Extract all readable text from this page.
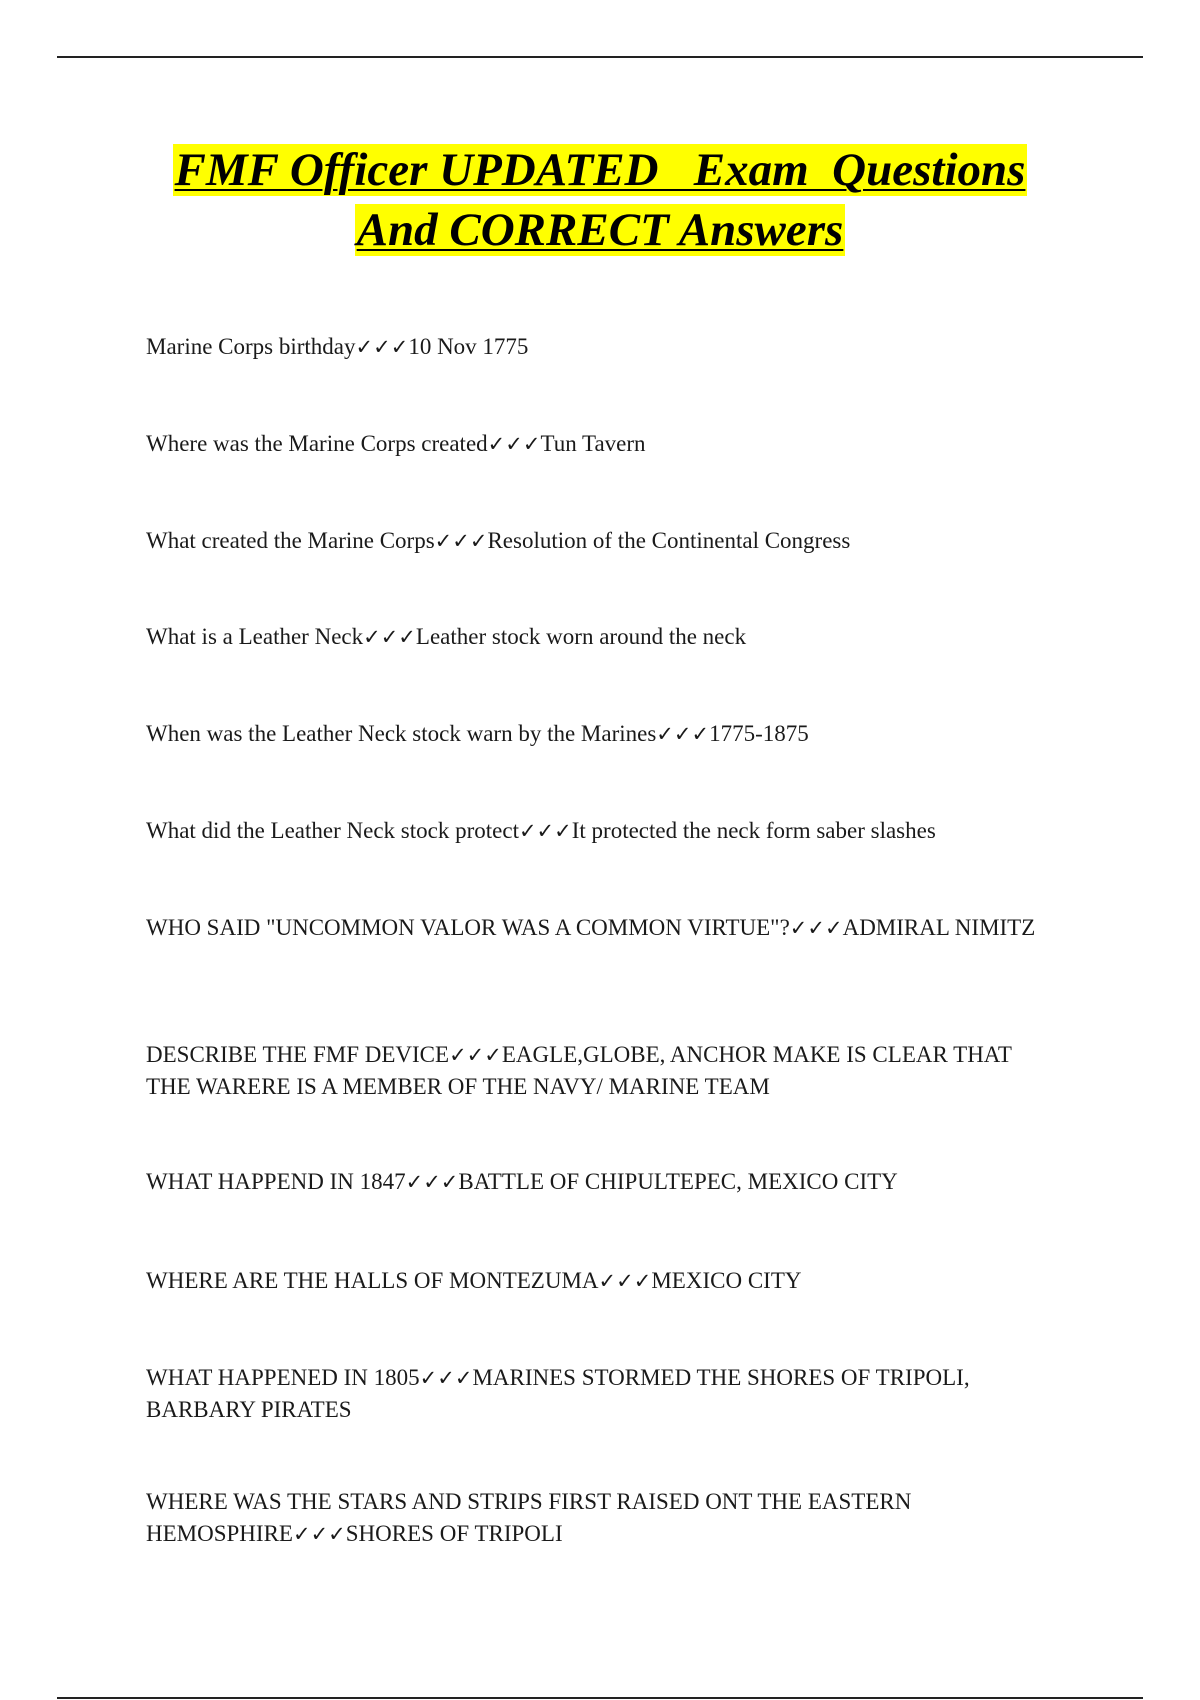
FMF Officer UPDATED   Exam  Questions
And CORRECT Answers
Marine Corps birthday✓✓✓10 Nov 1775
Where was the Marine Corps created✓✓✓Tun Tavern
What created the Marine Corps✓✓✓Resolution of the Continental Congress
What is a Leather Neck✓✓✓Leather stock worn around the neck
When was the Leather Neck stock warn by the Marines✓✓✓1775-1875
What did the Leather Neck stock protect✓✓✓It protected the neck form saber slashes
WHO SAID "UNCOMMON VALOR WAS A COMMON VIRTUE"?✓✓✓ADMIRAL NIMITZ
DESCRIBE THE FMF DEVICE✓✓✓EAGLE,GLOBE, ANCHOR MAKE IS CLEAR THAT THE WARERE IS A MEMBER OF THE NAVY/ MARINE TEAM
WHAT HAPPEND IN 1847✓✓✓BATTLE OF CHIPULTEPEC, MEXICO CITY
WHERE ARE THE HALLS OF MONTEZUMA✓✓✓MEXICO CITY
WHAT HAPPENED IN 1805✓✓✓MARINES STORMED THE SHORES OF TRIPOLI, BARBARY PIRATES
WHERE WAS THE STARS AND STRIPS FIRST RAISED ONT THE EASTERN HEMOSPHIRE✓✓✓SHORES OF TRIPOLI
